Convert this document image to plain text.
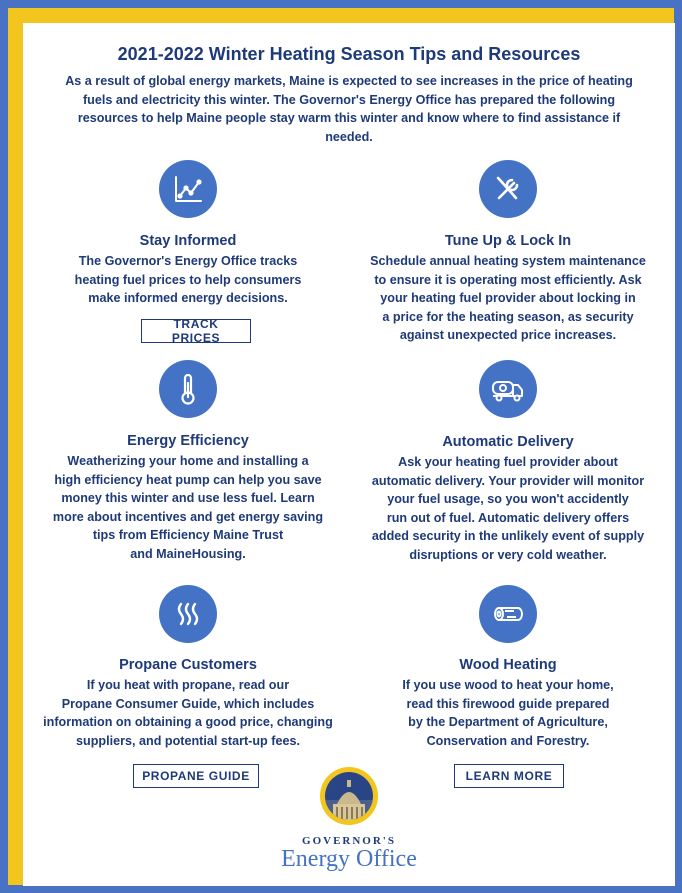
2021-2022 Winter Heating Season Tips and Resources

As a result of global energy markets, Maine is expected to see increases in the price of heating fuels and electricity this winter. The Governor's Energy Office has prepared the following resources to help Maine people stay warm this winter and know where to find assistance if needed.

Stay Informed
The Governor's Energy Office tracks
heating fuel prices to help consumers
make informed energy decisions.
TRACK PRICES
Tune Up & Lock In
Schedule annual heating system maintenance
to ensure it is operating most efficiently. Ask
your heating fuel provider about locking in
a price for the heating season, as security
against unexpected price increases.
Energy Efficiency
Weatherizing your home and installing a
high efficiency heat pump can help you save
money this winter and use less fuel. Learn
more about incentives and get energy saving
tips from Efficiency Maine Trust
and MaineHousing.
Automatic Delivery
Ask your heating fuel provider about
automatic delivery. Your provider will monitor
your fuel usage, so you won't accidently
run out of fuel. Automatic delivery offers
added security in the unlikely event of supply
disruptions or very cold weather.
Propane Customers
If you heat with propane, read our
Propane Consumer Guide, which includes
information on obtaining a good price, changing
suppliers, and potential start-up fees.
PROPANE GUIDE
Wood Heating
If you use wood to heat your home,
read this firewood guide prepared
by the Department of Agriculture,
Conservation and Forestry.
LEARN MORE
GOVERNOR'S
Energy Office
